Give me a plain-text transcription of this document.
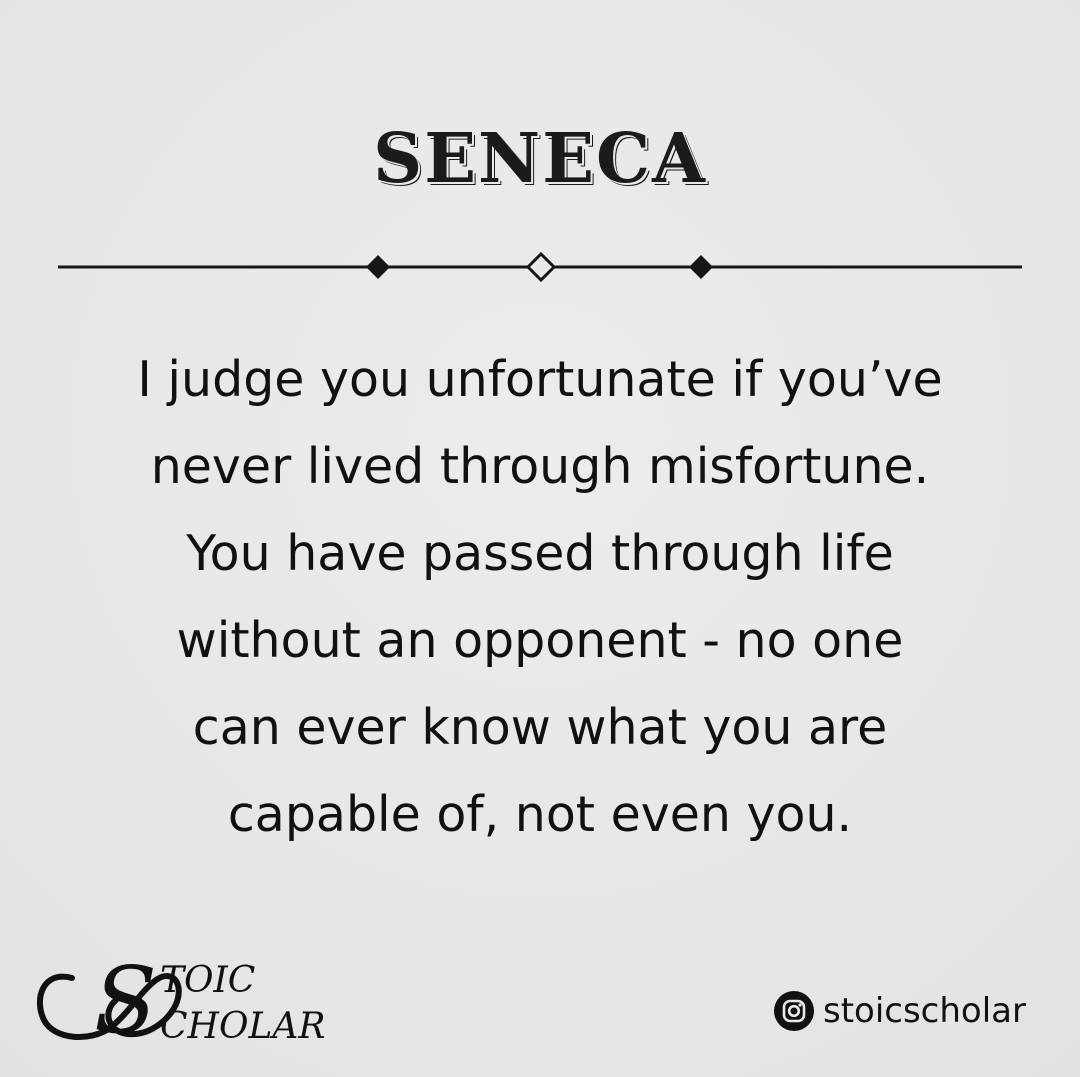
SENECA
I judge you unfortunate if you’ve
never lived through misfortune.
You have passed through life
without an opponent - no one
can ever know what you are
capable of, not even you.
S TOIC
CHOLAR	stoicscholar
